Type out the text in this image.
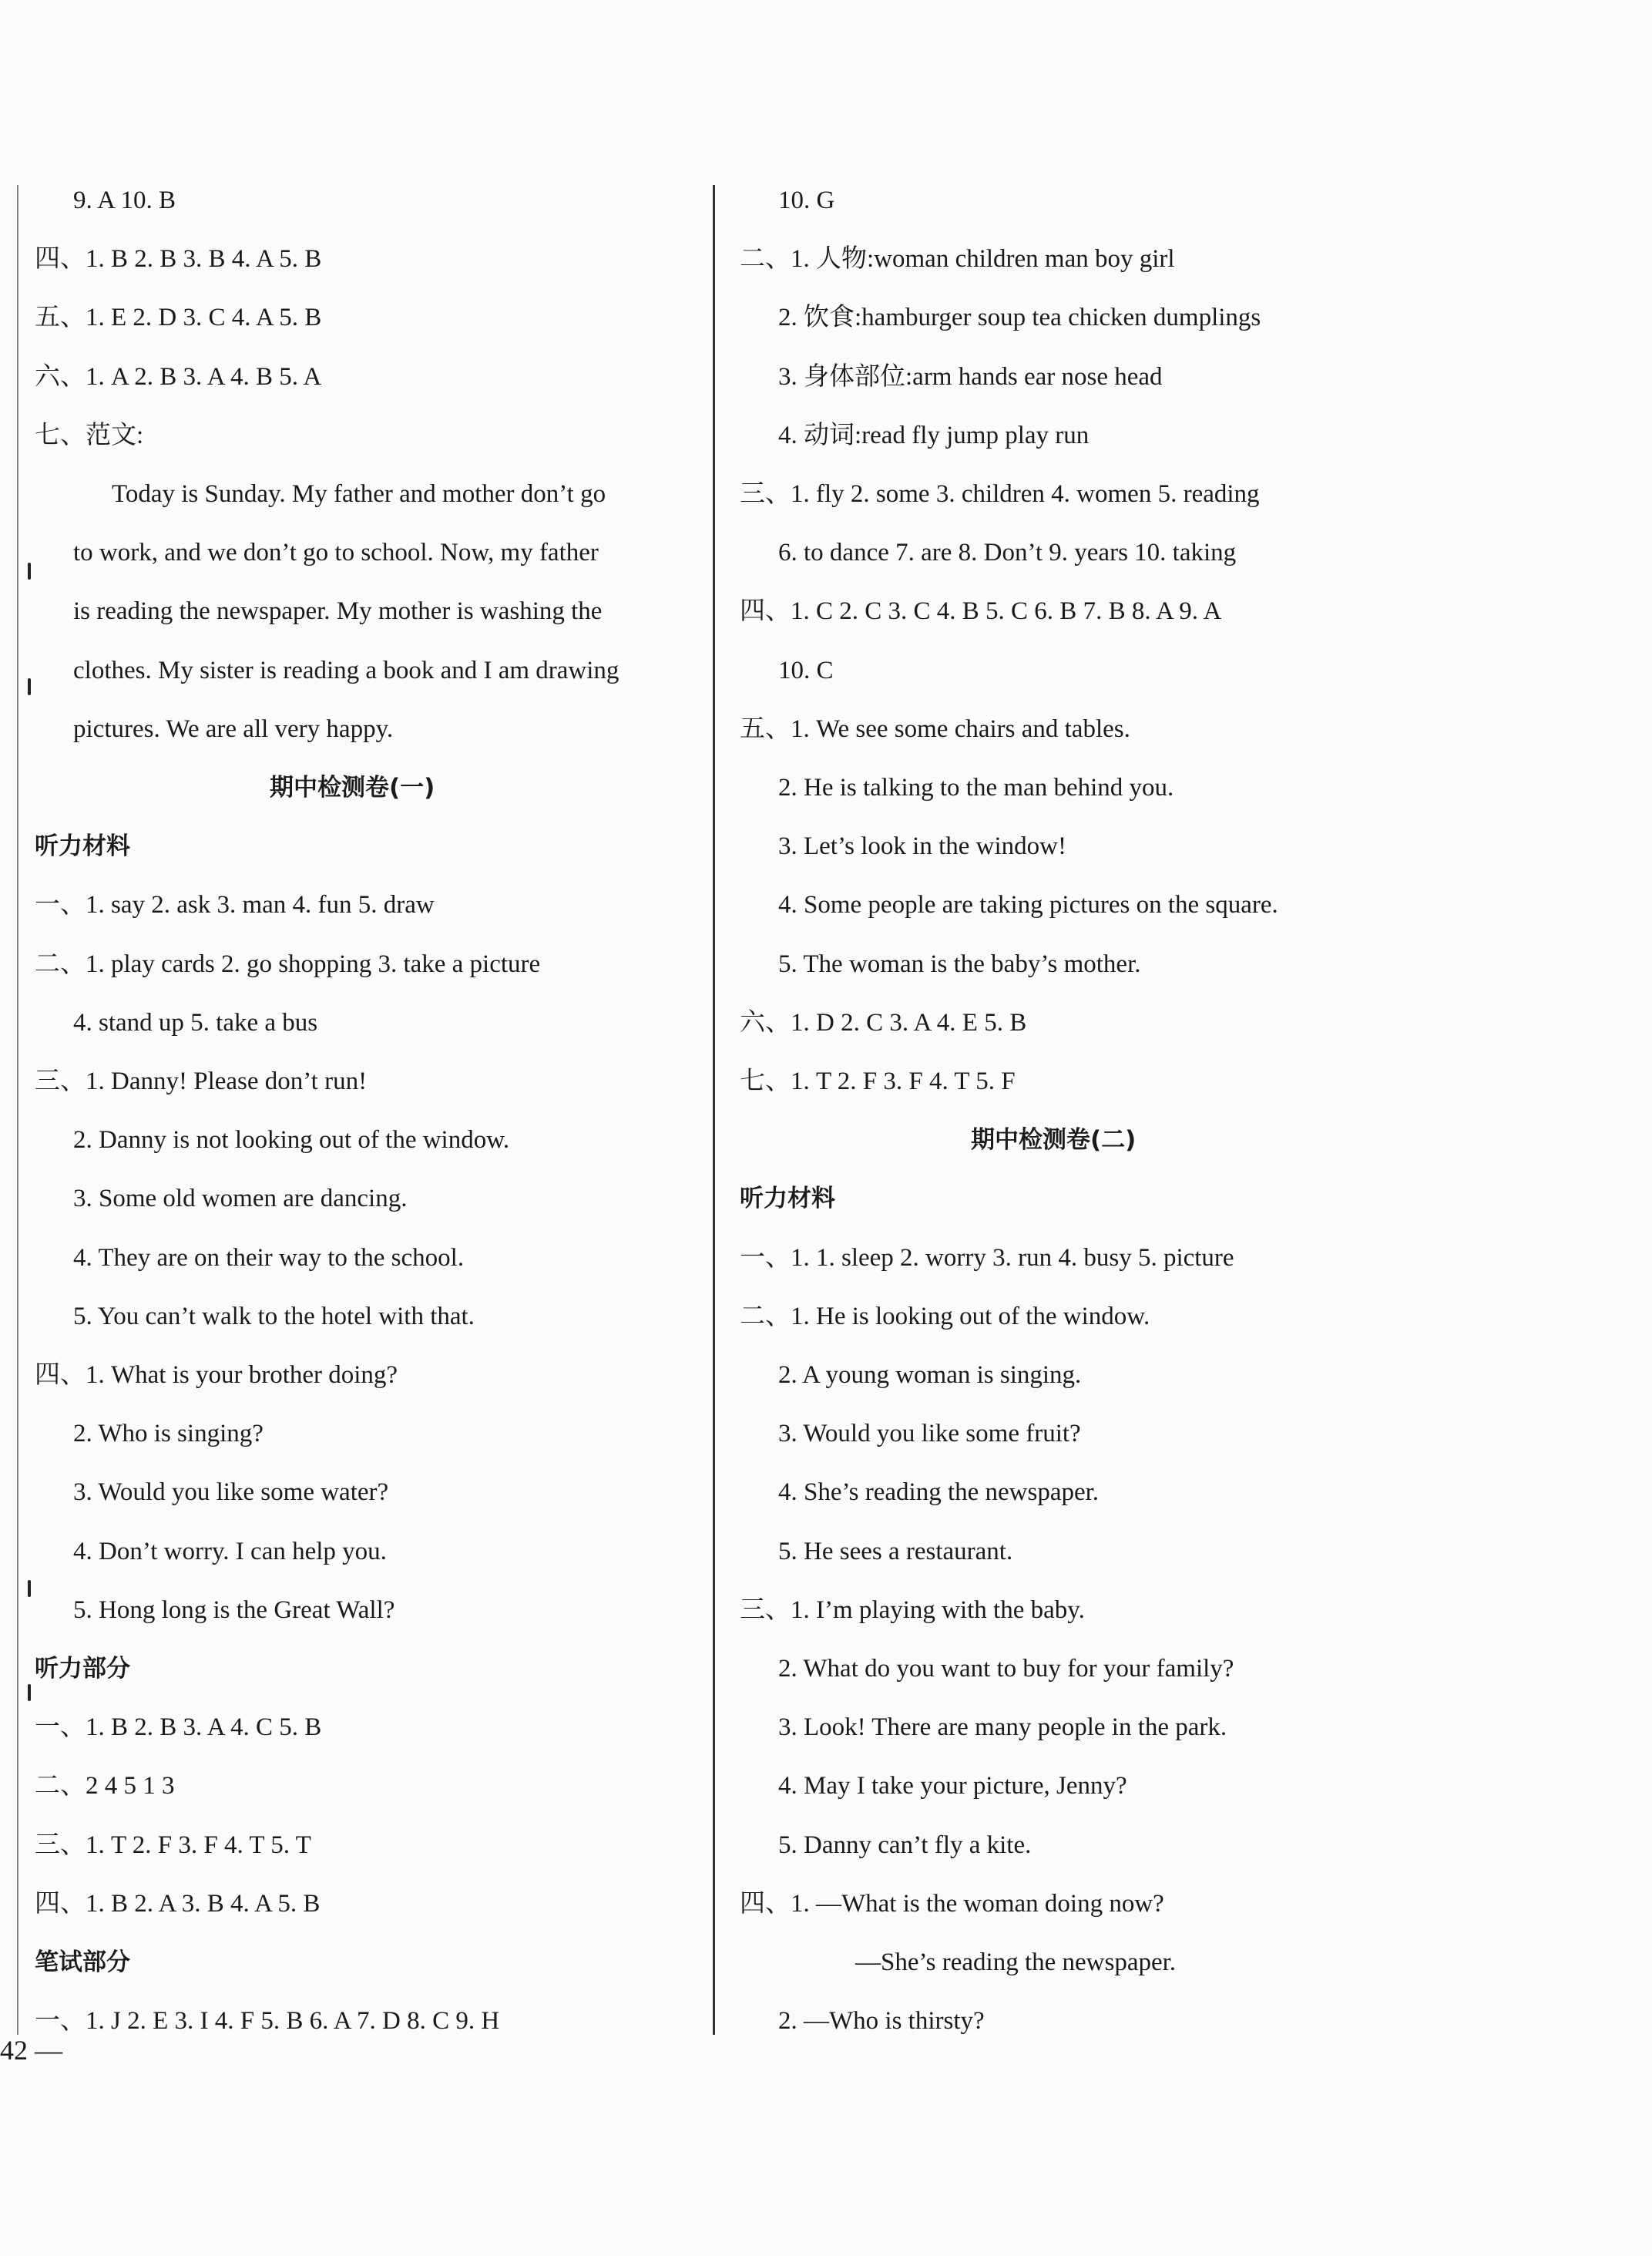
9. A 10. B
四、1. B 2. B 3. B 4. A 5. B
五、1. E 2. D 3. C 4. A 5. B
六、1. A 2. B 3. A 4. B 5. A
七、范文:
Today is Sunday. My father and mother don’t go
to work, and we don’t go to school. Now, my father
is reading the newspaper. My mother is washing the
clothes. My sister is reading a book and I am drawing
pictures. We are all very happy.
期中检测卷(一)
听力材料
一、1. say 2. ask 3. man 4. fun 5. draw
二、1. play cards 2. go shopping 3. take a picture
4. stand up 5. take a bus
三、1. Danny! Please don’t run!
2. Danny is not looking out of the window.
3. Some old women are dancing.
4. They are on their way to the school.
5. You can’t walk to the hotel with that.
四、1. What is your brother doing?
2. Who is singing?
3. Would you like some water?
4. Don’t worry. I can help you.
5. Hong long is the Great Wall?
听力部分
一、1. B 2. B 3. A 4. C 5. B
二、2 4 5 1 3
三、1. T 2. F 3. F 4. T 5. T
四、1. B 2. A 3. B 4. A 5. B
笔试部分
一、1. J 2. E 3. I 4. F 5. B 6. A 7. D 8. C 9. H
10. G
二、1. 人物:woman children man boy girl
2. 饮食:hamburger soup tea chicken dumplings
3. 身体部位:arm hands ear nose head
4. 动词:read fly jump play run
三、1. fly 2. some 3. children 4. women 5. reading
6. to dance 7. are 8. Don’t 9. years 10. taking
四、1. C 2. C 3. C 4. B 5. C 6. B 7. B 8. A 9. A
10. C
五、1. We see some chairs and tables.
2. He is talking to the man behind you.
3. Let’s look in the window!
4. Some people are taking pictures on the square.
5. The woman is the baby’s mother.
六、1. D 2. C 3. A 4. E 5. B
七、1. T 2. F 3. F 4. T 5. F
期中检测卷(二)
听力材料
一、1. 1. sleep 2. worry 3. run 4. busy 5. picture
二、1. He is looking out of the window.
2. A young woman is singing.
3. Would you like some fruit?
4. She’s reading the newspaper.
5. He sees a restaurant.
三、1. I’m playing with the baby.
2. What do you want to buy for your family?
3. Look! There are many people in the park.
4. May I take your picture, Jenny?
5. Danny can’t fly a kite.
四、1. —What is the woman doing now?
—She’s reading the newspaper.
2. —Who is thirsty?
42 —
